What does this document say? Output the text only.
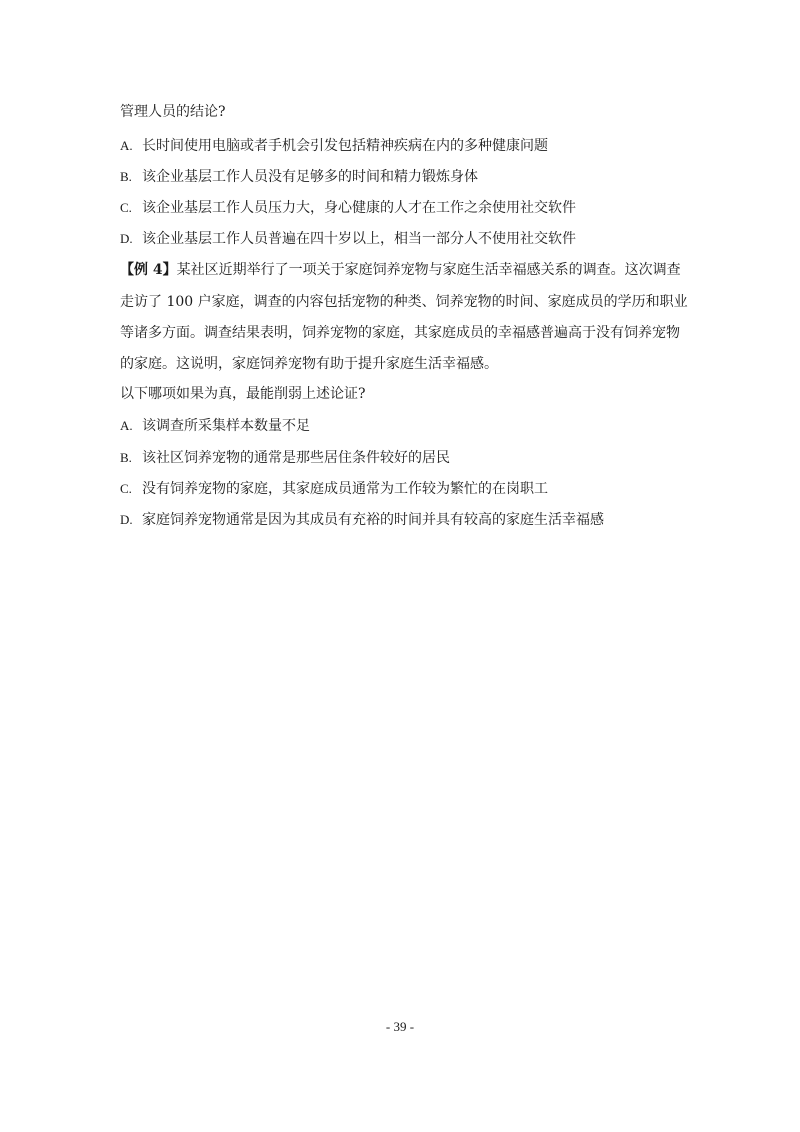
管理人员的结论?
A. 长时间使用电脑或者手机会引发包括精神疾病在内的多种健康问题
B. 该企业基层工作人员没有足够多的时间和精力锻炼身体
C. 该企业基层工作人员压力大，身心健康的人才在工作之余使用社交软件
D. 该企业基层工作人员普遍在四十岁以上，相当一部分人不使用社交软件
【例 4】某社区近期举行了一项关于家庭饲养宠物与家庭生活幸福感关系的调查。这次调查
走访了 100 户家庭，调查的内容包括宠物的种类、饲养宠物的时间、家庭成员的学历和职业
等诸多方面。调查结果表明，饲养宠物的家庭，其家庭成员的幸福感普遍高于没有饲养宠物
的家庭。这说明，家庭饲养宠物有助于提升家庭生活幸福感。
以下哪项如果为真，最能削弱上述论证?
A. 该调查所采集样本数量不足
B. 该社区饲养宠物的通常是那些居住条件较好的居民
C. 没有饲养宠物的家庭，其家庭成员通常为工作较为繁忙的在岗职工
D. 家庭饲养宠物通常是因为其成员有充裕的时间并具有较高的家庭生活幸福感
- 39 -
